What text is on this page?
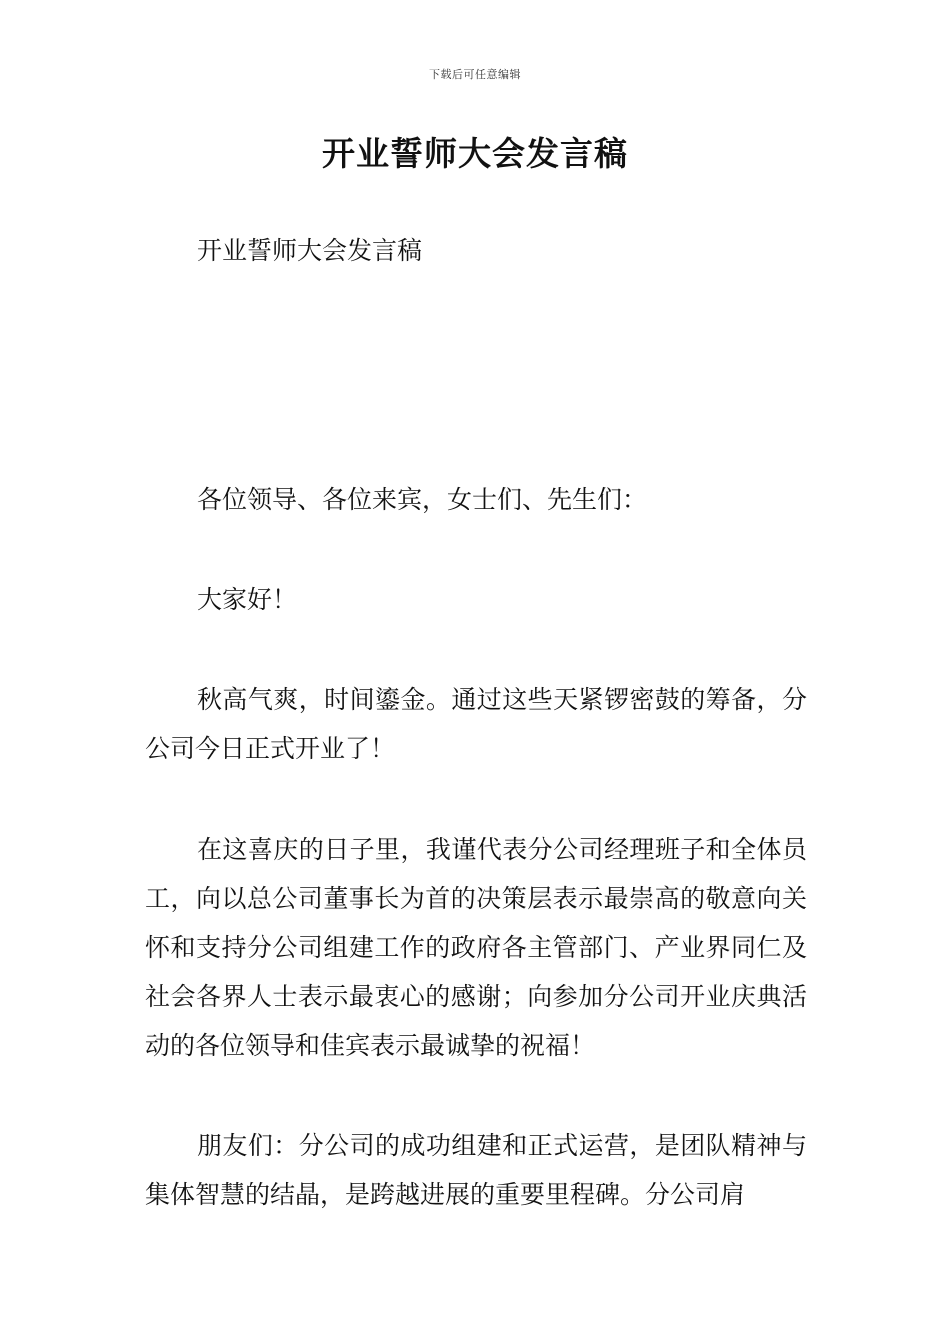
下载后可任意编辑
开业誓师大会发言稿

开业誓师大会发言稿

各位领导、各位来宾，女士们、先生们：

大家好！

秋高气爽，时间鎏金。通过这些天紧锣密鼓的筹备，分公司今日正式开业了！

在这喜庆的日子里，我谨代表分公司经理班子和全体员工，向以总公司董事长为首的决策层表示最崇高的敬意向关怀和支持分公司组建工作的政府各主管部门、产业界同仁及社会各界人士表示最衷心的感谢；向参加分公司开业庆典活动的各位领导和佳宾表示最诚挚的祝福！

朋友们：分公司的成功组建和正式运营，是团队精神与集体智慧的结晶，是跨越进展的重要里程碑。分公司肩
